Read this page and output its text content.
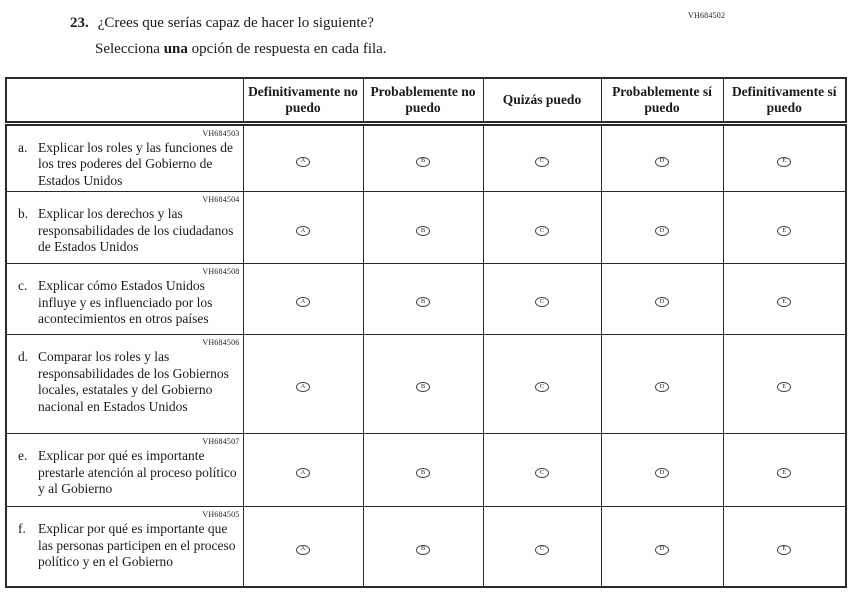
VH684502
23. ¿Crees que serías capaz de hacer lo siguiente?
Selecciona una opción de respuesta en cada fila.
	Definitivamente no puedo	Probablemente no puedo	Quizás puedo	Probablemente sí puedo	Definitivamente sí puedo

VH684503
a. Explicar los roles y las funciones de los tres poderes del Gobierno de Estados Unidos	A	B	C	D	E

VH684504
b. Explicar los derechos y las responsabilidades de los ciudadanos de Estados Unidos	A	B	C	D	E

VH684508
c. Explicar cómo Estados Unidos influye y es influenciado por los acontecimientos en otros países	A	B	C	D	E

VH684506
d. Comparar los roles y las responsabilidades de los Gobiernos locales, estatales y del Gobierno nacional en Estados Unidos	A	B	C	D	E

VH684507
e. Explicar por qué es importante prestarle atención al proceso político y al Gobierno	A	B	C	D	E

VH684505
f. Explicar por qué es importante que las personas participen en el proceso político y en el Gobierno	A	B	C	D	E
